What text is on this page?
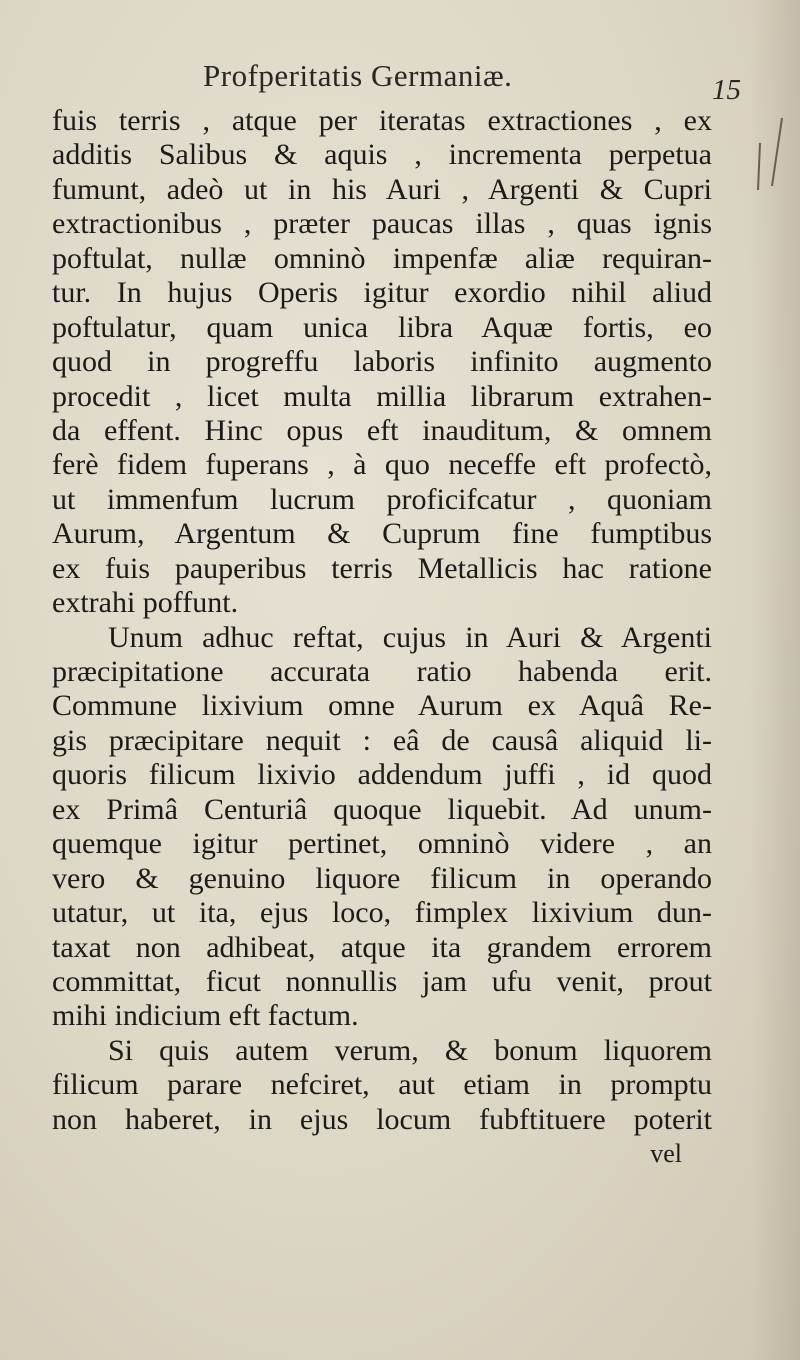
Profperitatis Germaniæ.	15
fuis terris , atque per iteratas extractiones , ex
additis Salibus & aquis , incrementa perpetua
fumunt, adeò ut in his Auri , Argenti & Cupri
extractionibus , præter paucas illas , quas ignis
poftulat, nullæ omninò impenfæ aliæ requiran-
tur. In hujus Operis igitur exordio nihil aliud
poftulatur, quam unica libra Aquæ fortis, eo
quod in progreffu laboris infinito augmento
procedit , licet multa millia librarum extrahen-
da effent. Hinc opus eft inauditum, & omnem
ferè fidem fuperans , à quo neceffe eft profectò,
ut immenfum lucrum proficifcatur , quoniam
Aurum, Argentum & Cuprum fine fumptibus
ex fuis pauperibus terris Metallicis hac ratione
extrahi poffunt.
Unum adhuc reftat, cujus in Auri & Argenti
præcipitatione accurata ratio habenda erit.
Commune lixivium omne Aurum ex Aquâ Re-
gis præcipitare nequit : eâ de causâ aliquid li-
quoris filicum lixivio addendum juffi , id quod
ex Primâ Centuriâ quoque liquebit. Ad unum-
quemque igitur pertinet, omninò videre , an
vero & genuino liquore filicum in operando
utatur, ut ita, ejus loco, fimplex lixivium dun-
taxat non adhibeat, atque ita grandem errorem
committat, ficut nonnullis jam ufu venit, prout
mihi indicium eft factum.
Si quis autem verum, & bonum liquorem
filicum parare nefciret, aut etiam in promptu
non haberet, in ejus locum fubftituere poterit
vel
